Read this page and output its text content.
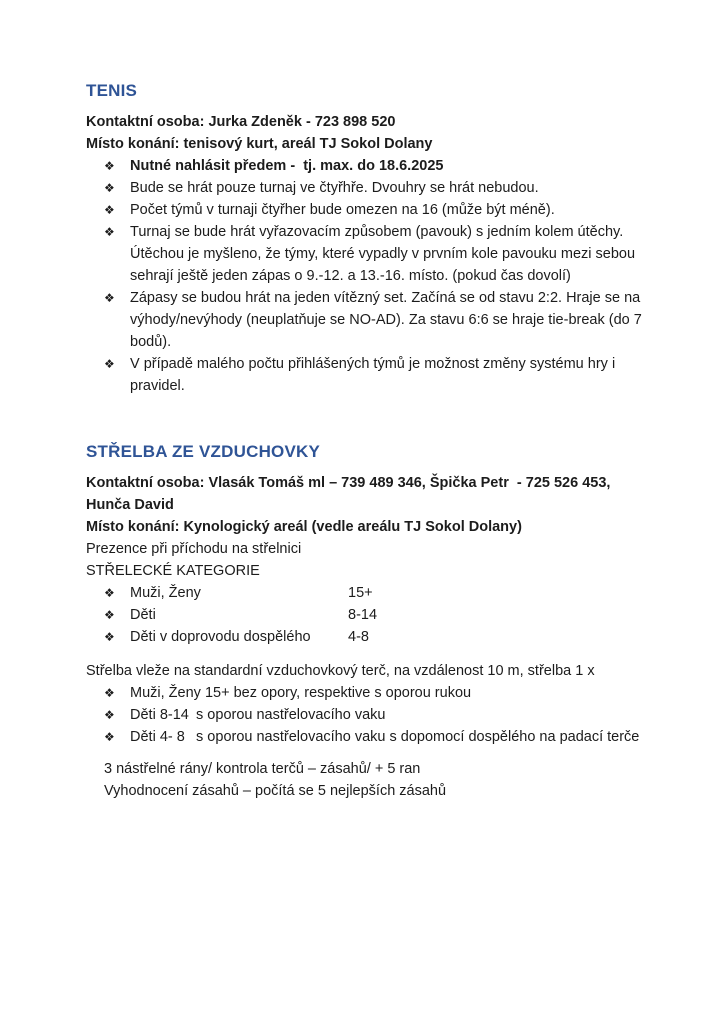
TENIS

Kontaktní osoba: Jurka Zdeněk - 723 898 520
Místo konání: tenisový kurt, areál TJ Sokol Dolany

❖	Nutné nahlásit předem -  tj. max. do 18.6.2025
❖	Bude se hrát pouze turnaj ve čtyřhře. Dvouhry se hrát nebudou.
❖	Počet týmů v turnaji čtyřher bude omezen na 16 (může být méně).
❖	Turnaj se bude hrát vyřazovacím způsobem (pavouk) s jedním kolem útěchy. Útěchou je myšleno, že týmy, které vypadly v prvním kole pavouku mezi sebou sehrají ještě jeden zápas o 9.-12. a 13.-16. místo. (pokud čas dovolí)
❖	Zápasy se budou hrát na jeden vítězný set. Začíná se od stavu 2:2. Hraje se na výhody/nevýhody (neuplatňuje se NO-AD). Za stavu 6:6 se hraje tie-break (do 7 bodů).
❖	V případě malého počtu přihlášených týmů je možnost změny systému hry i pravidel.
STŘELBA ZE VZDUCHOVKY

Kontaktní osoba: Vlasák Tomáš ml – 739 489 346, Špička Petr  - 725 526 453,
Hunča David
Místo konání: Kynologický areál (vedle areálu TJ Sokol Dolany)

Prezence při příchodu na střelnici
STŘELECKÉ KATEGORIE

❖	Muži, Ženy	15+
❖	Děti	8-14
❖	Děti v doprovodu dospělého	4-8

Střelba vleže na standardní vzduchovkový terč, na vzdálenost 10 m, střelba 1 x

❖	Muži, Ženy 15+ bez opory, respektive s oporou rukou
❖	Děti 8-14 s oporou nastřelovacího vaku
❖	Děti 4- 8 s oporou nastřelovacího vaku s dopomocí dospělého na padací terče

3 nástřelné rány/ kontrola terčů – zásahů/ + 5 ran
Vyhodnocení zásahů – počítá se 5 nejlepších zásahů
